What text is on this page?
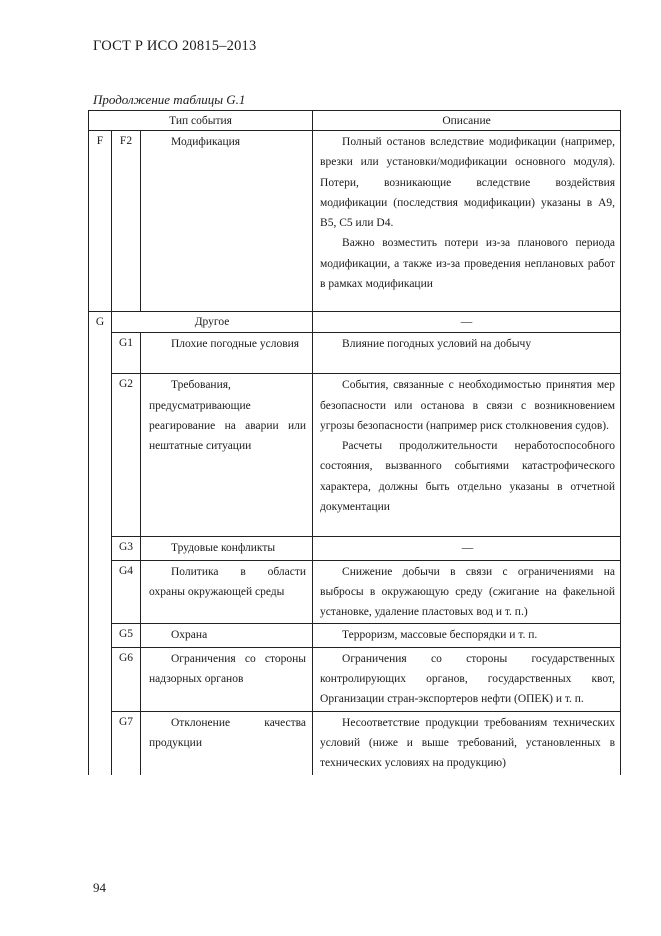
ГОСТ Р ИСО 20815–2013
Продолжение таблицы G.1
Тип события			Описание
F	F2	Модификация	Полный останов вследствие модификации (например, врезки или установки/модификации основного модуля). Потери, возникающие вследствие воздействия модификации (последствия модификации) указаны в A9, B5, C5 или D4.
Важно возместить потери из-за планового периода модификации, а также из-за проведения неплановых работ в рамках модификации

G	Другое		—
	G1	Плохие погодные условия	Влияние погодных условий на добычу

	G2	Требования, предусматривающие реагирование на аварии или нештатные ситуации	События, связанные с необходимостью принятия мер безопасности или останова в связи с возникновением угрозы безопасности (например риск столкновения судов).
Расчеты продолжительности неработоспособного состояния, вызванного событиями катастрофического характера, должны быть отдельно указаны в отчетной документации

	G3	Трудовые конфликты	—
	G4	Политика в области охраны окружающей среды	Снижение добычи в связи с ограничениями на выбросы в окружающую среду (сжигание на факельной установке, удаление пластовых вод и т. п.)

	G5	Охрана	Терроризм, массовые беспорядки и т. п.

	G6	Ограничения со стороны надзорных органов	Ограничения со стороны государственных контролирующих органов, государственных квот, Организации стран-экспортеров нефти (ОПЕК) и т. п.

	G7	Отклонение качества продукции	Несоответствие продукции требованиям технических условий (ниже и выше требований, установленных в технических условиях на продукцию)
94
